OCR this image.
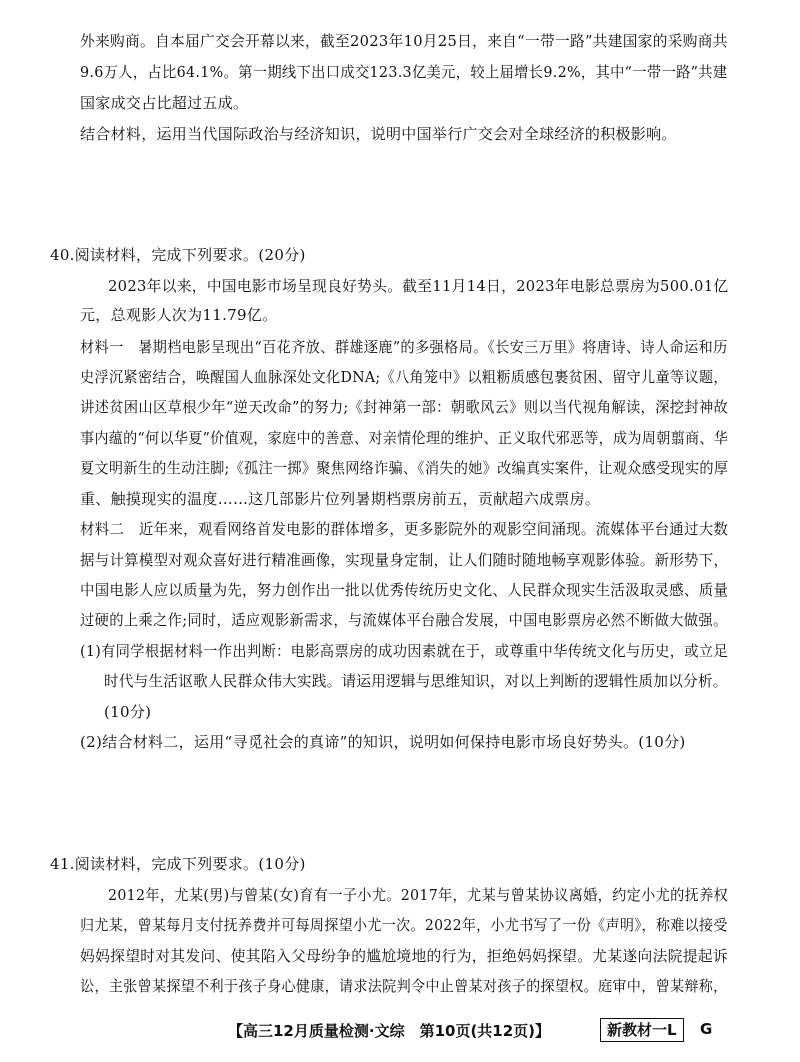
外来购商。自本届广交会开幕以来，截至2023年10月25日，来自“一带一路”共建国家的采购商共
9.6万人，占比64.1%。第一期线下出口成交123.3亿美元，较上届增长9.2%，其中“一带一路”共建
国家成交占比超过五成。
结合材料，运用当代国际政治与经济知识，说明中国举行广交会对全球经济的积极影响。
40.阅读材料，完成下列要求。(20分)
2023年以来，中国电影市场呈现良好势头。截至11月14日，2023年电影总票房为500.01亿
元，总观影人次为11.79亿。
材料一　暑期档电影呈现出“百花齐放、群雄逐鹿”的多强格局。《长安三万里》将唐诗、诗人命运和历
史浮沉紧密结合，唤醒国人血脉深处文化DNA;《八角笼中》以粗粝质感包裹贫困、留守儿童等议题，
讲述贫困山区草根少年“逆天改命”的努力;《封神第一部：朝歌风云》则以当代视角解读，深挖封神故
事内蕴的“何以华夏”价值观，家庭中的善意、对亲情伦理的维护、正义取代邪恶等，成为周朝翦商、华
夏文明新生的生动注脚;《孤注一掷》聚焦网络诈骗、《消失的她》改编真实案件，让观众感受现实的厚
重、触摸现实的温度……这几部影片位列暑期档票房前五，贡献超六成票房。
材料二　近年来，观看网络首发电影的群体增多，更多影院外的观影空间涌现。流媒体平台通过大数
据与计算模型对观众喜好进行精准画像，实现量身定制，让人们随时随地畅享观影体验。新形势下，
中国电影人应以质量为先，努力创作出一批以优秀传统历史文化、人民群众现实生活汲取灵感、质量
过硬的上乘之作;同时，适应观影新需求，与流媒体平台融合发展，中国电影票房必然不断做大做强。
(1)有同学根据材料一作出判断：电影高票房的成功因素就在于，或尊重中华传统文化与历史，或立足
时代与生活讴歌人民群众伟大实践。请运用逻辑与思维知识，对以上判断的逻辑性质加以分析。
(10分)
(2)结合材料二，运用“寻觅社会的真谛”的知识，说明如何保持电影市场良好势头。(10分)
41.阅读材料，完成下列要求。(10分)
2012年，尤某(男)与曾某(女)育有一子小尤。2017年，尤某与曾某协议离婚，约定小尤的抚养权
归尤某，曾某每月支付抚养费并可每周探望小尤一次。2022年，小尤书写了一份《声明》，称难以接受
妈妈探望时对其发问、使其陷入父母纷争的尴尬境地的行为，拒绝妈妈探望。尤某遂向法院提起诉
讼，主张曾某探望不利于孩子身心健康，请求法院判令中止曾某对孩子的探望权。庭审中，曾某辩称，
【高三12月质量检测·文综　第10页(共12页)】	新教材一L	G
